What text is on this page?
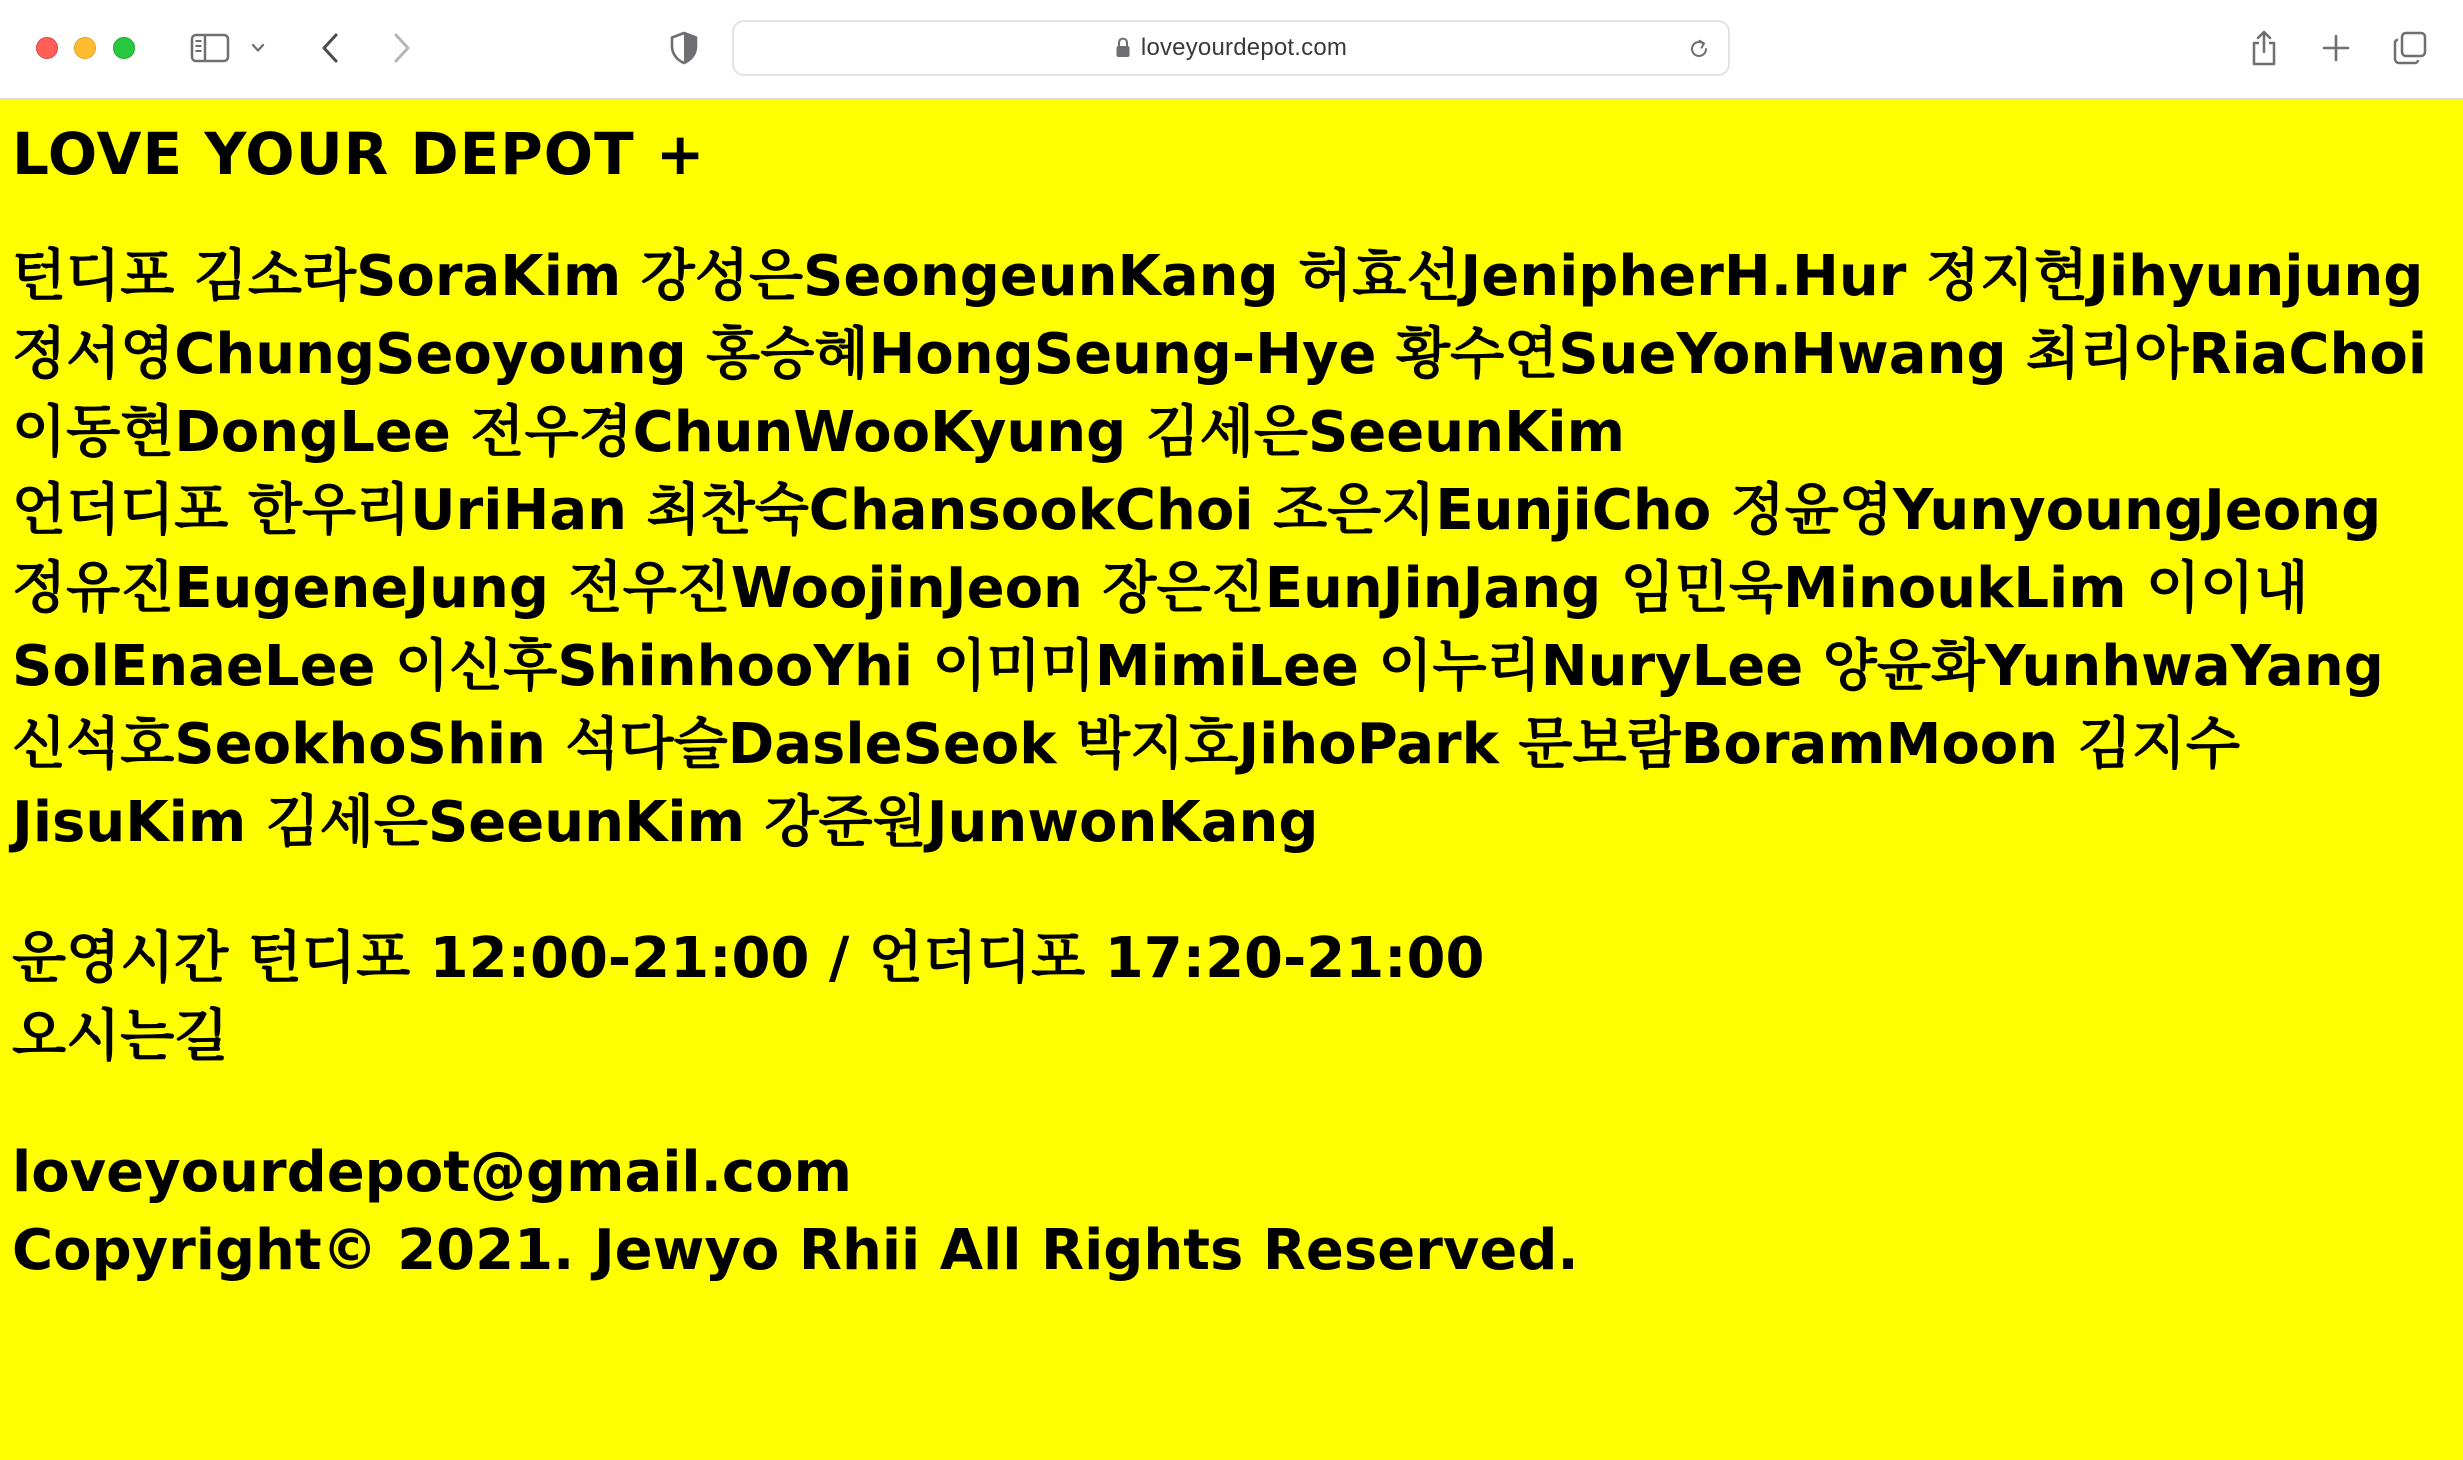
loveyourdepot.com
LOVE YOUR DEPOT +

턴디포 김소라SoraKim 강성은SeongeunKang 허효선JenipherH.Hur 정지현Jihyunjung 정서영ChungSeoyoung 홍승혜HongSeung-Hye 황수연SueYonHwang 최리아RiaChoi 이동현DongLee 전우경ChunWooKyung 김세은SeeunKim
언더디포 한우리UriHan 최찬숙ChansookChoi 조은지EunjiCho 정윤영YunyoungJeong 정유진EugeneJung 전우진WoojinJeon 장은진EunJinJang 임민욱MinoukLim 이이내SolEnaeLee 이신후ShinhooYhi 이미미MimiLee 이누리NuryLee 양윤화YunhwaYang 신석호SeokhoShin 석다슬DasleSeok 박지호JihoPark 문보람BoramMoon 김지수JisuKim 김세은SeeunKim 강준원JunwonKang

운영시간 턴디포 12:00-21:00 / 언더디포 17:20-21:00
오시는길

loveyourdepot@gmail.com
Copyright© 2021. Jewyo Rhii All Rights Reserved.
